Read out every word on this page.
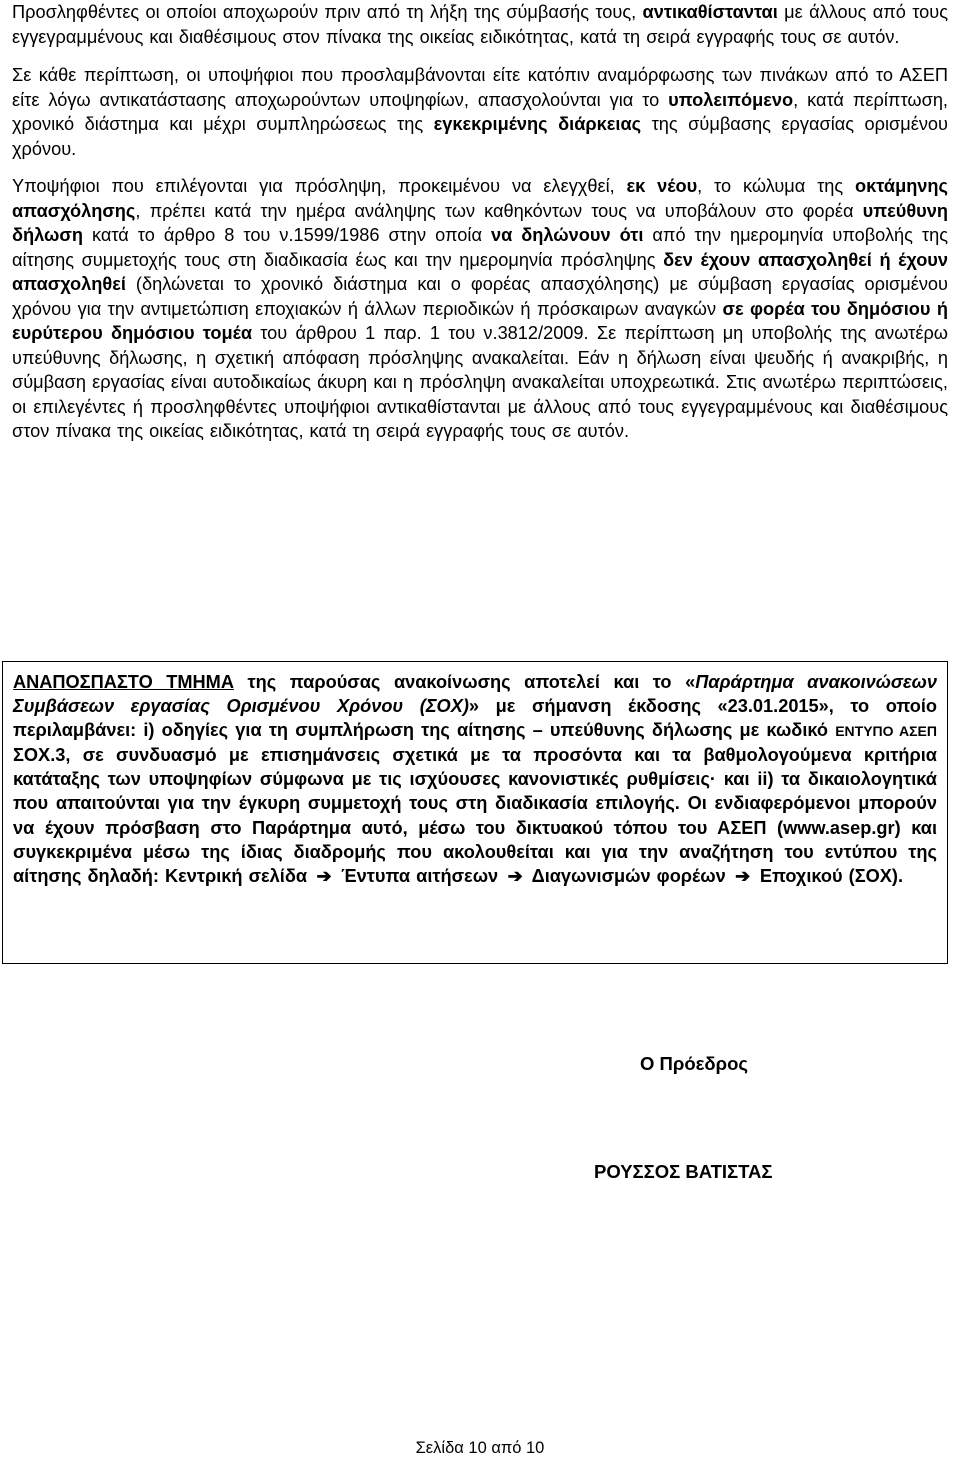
Προσληφθέντες οι οποίοι αποχωρούν πριν από τη λήξη της σύμβασής τους, αντικαθίστανται με άλλους από τους εγγεγραμμένους και διαθέσιμους στον πίνακα της οικείας ειδικότητας, κατά τη σειρά εγγραφής τους σε αυτόν.

Σε κάθε περίπτωση, οι υποψήφιοι που προσλαμβάνονται είτε κατόπιν αναμόρφωσης των πινάκων από το ΑΣΕΠ είτε λόγω αντικατάστασης αποχωρούντων υποψηφίων, απασχολούνται για το υπολειπόμενο, κατά περίπτωση, χρονικό διάστημα και μέχρι συμπληρώσεως της εγκεκριμένης διάρκειας της σύμβασης εργασίας ορισμένου χρόνου.

Υποψήφιοι που επιλέγονται για πρόσληψη, προκειμένου να ελεγχθεί, εκ νέου, το κώλυμα της οκτάμηνης απασχόλησης, πρέπει κατά την ημέρα ανάληψης των καθηκόντων τους να υποβάλουν στο φορέα υπεύθυνη δήλωση κατά το άρθρο 8 του ν.1599/1986 στην οποία να δηλώνουν ότι από την ημερομηνία υποβολής της αίτησης συμμετοχής τους στη διαδικασία έως και την ημερομηνία πρόσληψης δεν έχουν απασχοληθεί ή έχουν απασχοληθεί (δηλώνεται το χρονικό διάστημα και ο φορέας απασχόλησης) με σύμβαση εργασίας ορισμένου χρόνου για την αντιμετώπιση εποχιακών ή άλλων περιοδικών ή πρόσκαιρων αναγκών σε φορέα του δημόσιου ή ευρύτερου δημόσιου τομέα του άρθρου 1 παρ. 1 του ν.3812/2009. Σε περίπτωση μη υποβολής της ανωτέρω υπεύθυνης δήλωσης, η σχετική απόφαση πρόσληψης ανακαλείται. Εάν η δήλωση είναι ψευδής ή ανακριβής, η σύμβαση εργασίας είναι αυτοδικαίως άκυρη και η πρόσληψη ανακαλείται υποχρεωτικά. Στις ανωτέρω περιπτώσεις, οι επιλεγέντες ή προσληφθέντες υποψήφιοι αντικαθίστανται με άλλους από τους εγγεγραμμένους και διαθέσιμους στον πίνακα της οικείας ειδικότητας, κατά τη σειρά εγγραφής τους σε αυτόν.

ΑΝΑΠΟΣΠΑΣΤΟ ΤΜΗΜΑ της παρούσας ανακοίνωσης αποτελεί και το «Παράρτημα ανακοινώσεων Συμβάσεων εργασίας Ορισμένου Χρόνου (ΣΟΧ)» με σήμανση έκδοσης «23.01.2015», το οποίο περιλαμβάνει: i) οδηγίες για τη συμπλήρωση της αίτησης – υπεύθυνης δήλωσης με κωδικό ΕΝΤΥΠΟ ΑΣΕΠ ΣΟΧ.3, σε συνδυασμό με επισημάνσεις σχετικά με τα προσόντα και τα βαθμολογούμενα κριτήρια κατάταξης των υποψηφίων σύμφωνα με τις ισχύουσες κανονιστικές ρυθμίσεις· και ii) τα δικαιολογητικά που απαιτούνται για την έγκυρη συμμετοχή τους στη διαδικασία επιλογής. Οι ενδιαφερόμενοι μπορούν να έχουν πρόσβαση στο Παράρτημα αυτό, μέσω του δικτυακού τόπου του ΑΣΕΠ (www.asep.gr) και συγκεκριμένα μέσω της ίδιας διαδρομής που ακολουθείται και για την αναζήτηση του εντύπου της αίτησης δηλαδή: Κεντρική σελίδα ➔ Έντυπα αιτήσεων ➔ Διαγωνισμών φορέων ➔ Εποχικού (ΣΟΧ).

Ο Πρόεδρος
ΡΟΥΣΣΟΣ ΒΑΤΙΣΤΑΣ
Σελίδα 10 από 10
